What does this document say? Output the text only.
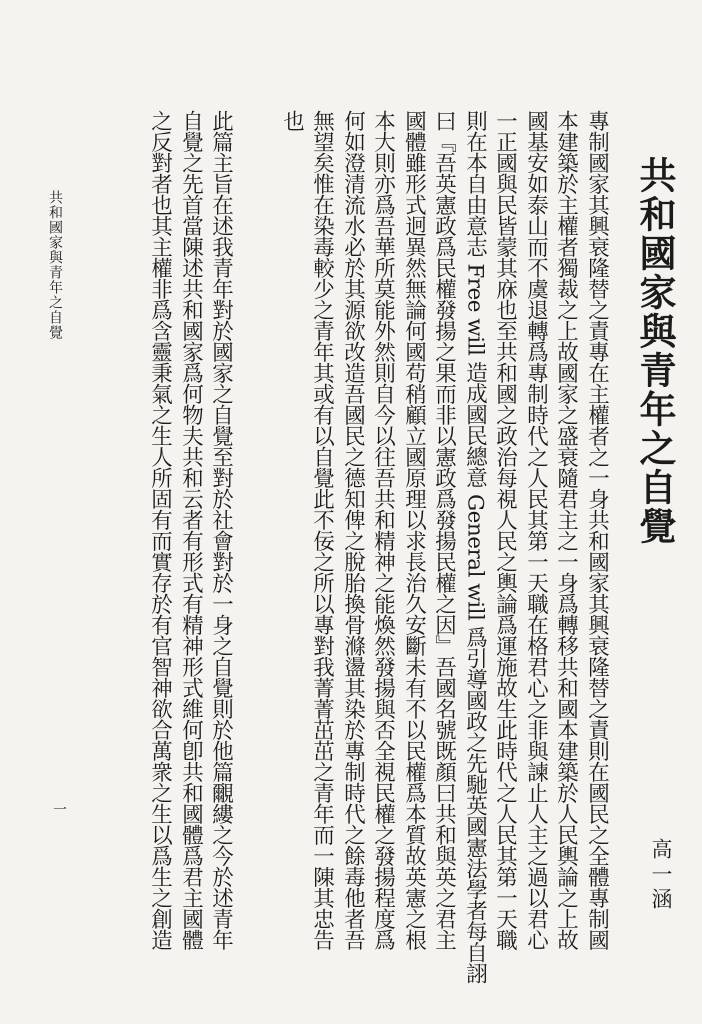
共和國家與青年之自覺
專制國家其興衰隆替之責專在主權者之一身共和國家其興衰隆替之責則在國民之全體專制國
本建築於主權者獨裁之上故國家之盛衰隨君主之一身爲轉移共和國本建築於人民輿論之上故
國基安如泰山而不虞退轉爲專制時代之人民其第一天職在格君心之非與諫止人主之過以君心
一正國與民皆蒙其庥也至共和國之政治每視人民之輿論爲運施故生此時代之人民其第一天職
則在本自由意志 Free will 造成國民總意 General will 爲引導國政之先馳英國憲法學者每自詡
曰『吾英憲政爲民權發揚之果而非以憲政爲發揚民權之因』吾國名號既顏曰共和與英之君主
國體雖形式迥異然無論何國苟稍顧立國原理以求長治久安斷未有不以民權爲本質故英憲之根
本大則亦爲吾華所莫能外然則自今以往吾共和精神之能煥然發揚與否全視民權之發揚程度爲
何如澄清流水必於其源欲改造吾國民之德知俾之脫胎換骨滌盪其染於專制時代之餘毒他者吾
無望矣惟在染毒較少之青年其或有以自覺此不佞之所以專對我菁菁茁茁之青年而一陳其忠告
也
此篇主旨在述我青年對於國家之自覺至對於社會對於一身之自覺則於他篇覼縷之今於述青年
自覺之先首當陳述共和國家爲何物夫共和云者有形式有精神形式維何卽共和國體爲君主國體
之反對者也其主權非爲含靈秉氣之生人所固有而實存於有官智神欲合萬衆之生以爲生之創造	高一涵
共和國家與青年之自覺
一
